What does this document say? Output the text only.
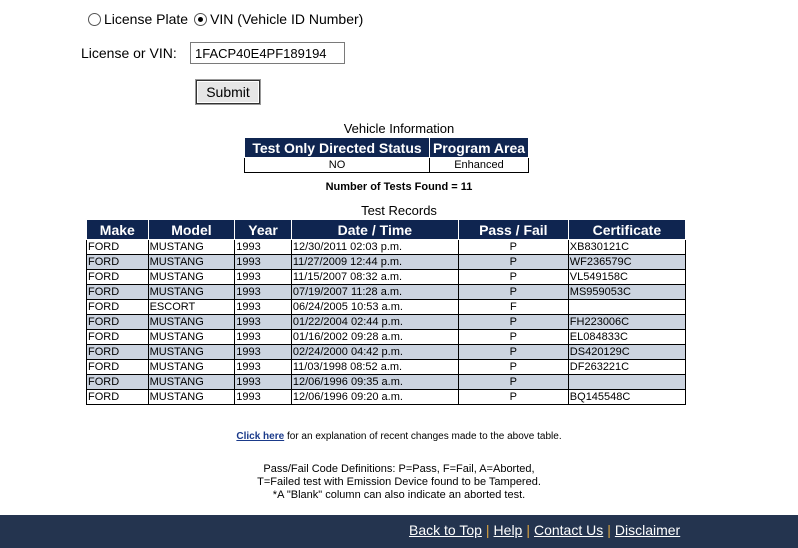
License Plate VIN (Vehicle ID Number)
License or VIN:
1FACP40E4PF189194
Submit
Vehicle Information
Test Only Directed Status	Program Area
NO	Enhanced
Number of Tests Found = 11
Test Records
Make	Model	Year	Date / Time	Pass / Fail	Certificate
FORD	MUSTANG	1993	12/30/2011 02:03 p.m.	P	XB830121C
FORD	MUSTANG	1993	11/27/2009 12:44 p.m.	P	WF236579C
FORD	MUSTANG	1993	11/15/2007 08:32 a.m.	P	VL549158C
FORD	MUSTANG	1993	07/19/2007 11:28 a.m.	P	MS959053C
FORD	ESCORT	1993	06/24/2005 10:53 a.m.	F	
FORD	MUSTANG	1993	01/22/2004 02:44 p.m.	P	FH223006C
FORD	MUSTANG	1993	01/16/2002 09:28 a.m.	P	EL084833C
FORD	MUSTANG	1993	02/24/2000 04:42 p.m.	P	DS420129C
FORD	MUSTANG	1993	11/03/1998 08:52 a.m.	P	DF263221C
FORD	MUSTANG	1993	12/06/1996 09:35 a.m.	P	
FORD	MUSTANG	1993	12/06/1996 09:20 a.m.	P	BQ145548C
Click here for an explanation of recent changes made to the above table.
Pass/Fail Code Definitions: P=Pass, F=Fail, A=Aborted,
T=Failed test with Emission Device found to be Tampered.
*A "Blank" column can also indicate an aborted test.
Back to Top | Help | Contact Us | Disclaimer
